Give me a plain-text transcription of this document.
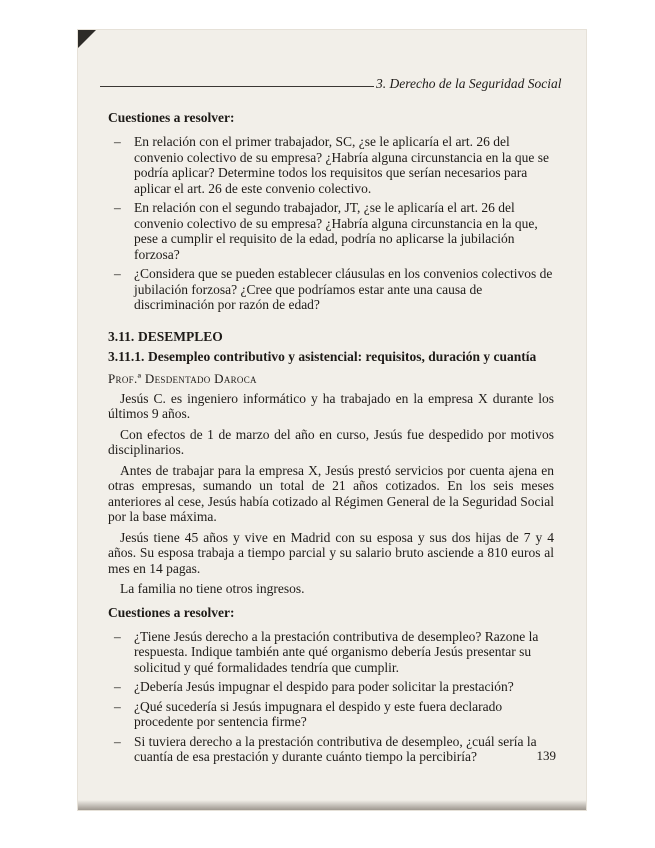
3. Derecho de la Seguridad Social
Cuestiones a resolver:
– En relación con el primer trabajador, SC, ¿se le aplicaría el art. 26 del convenio colectivo de su empresa? ¿Habría alguna circunstancia en la que se podría aplicar? Determine todos los requisitos que serían necesarios para aplicar el art. 26 de este convenio colectivo.
– En relación con el segundo trabajador, JT, ¿se le aplicaría el art. 26 del convenio colectivo de su empresa? ¿Habría alguna circunstancia en la que, pese a cumplir el requisito de la edad, podría no aplicarse la jubilación forzosa?
– ¿Considera que se pueden establecer cláusulas en los convenios colectivos de jubilación forzosa? ¿Cree que podríamos estar ante una causa de discriminación por razón de edad?
3.11. DESEMPLEO
3.11.1. Desempleo contributivo y asistencial: requisitos, duración y cuantía
Prof.ª Desdentado Daroca

Jesús C. es ingeniero informático y ha trabajado en la empresa X durante los últimos 9 años.

Con efectos de 1 de marzo del año en curso, Jesús fue despedido por motivos disciplinarios.

Antes de trabajar para la empresa X, Jesús prestó servicios por cuenta ajena en otras empresas, sumando un total de 21 años cotizados. En los seis meses anteriores al cese, Jesús había cotizado al Régimen General de la Seguridad Social por la base máxima.

Jesús tiene 45 años y vive en Madrid con su esposa y sus dos hijas de 7 y 4 años. Su esposa trabaja a tiempo parcial y su salario bruto asciende a 810 euros al mes en 14 pagas.

La familia no tiene otros ingresos.

Cuestiones a resolver:
– ¿Tiene Jesús derecho a la prestación contributiva de desempleo? Razone la respuesta. Indique también ante qué organismo debería Jesús presentar su solicitud y qué formalidades tendría que cumplir.
– ¿Debería Jesús impugnar el despido para poder solicitar la prestación?
– ¿Qué sucedería si Jesús impugnara el despido y este fuera declarado procedente por sentencia firme?
– Si tuviera derecho a la prestación contributiva de desempleo, ¿cuál sería la cuantía de esa prestación y durante cuánto tiempo la percibiría?	139
